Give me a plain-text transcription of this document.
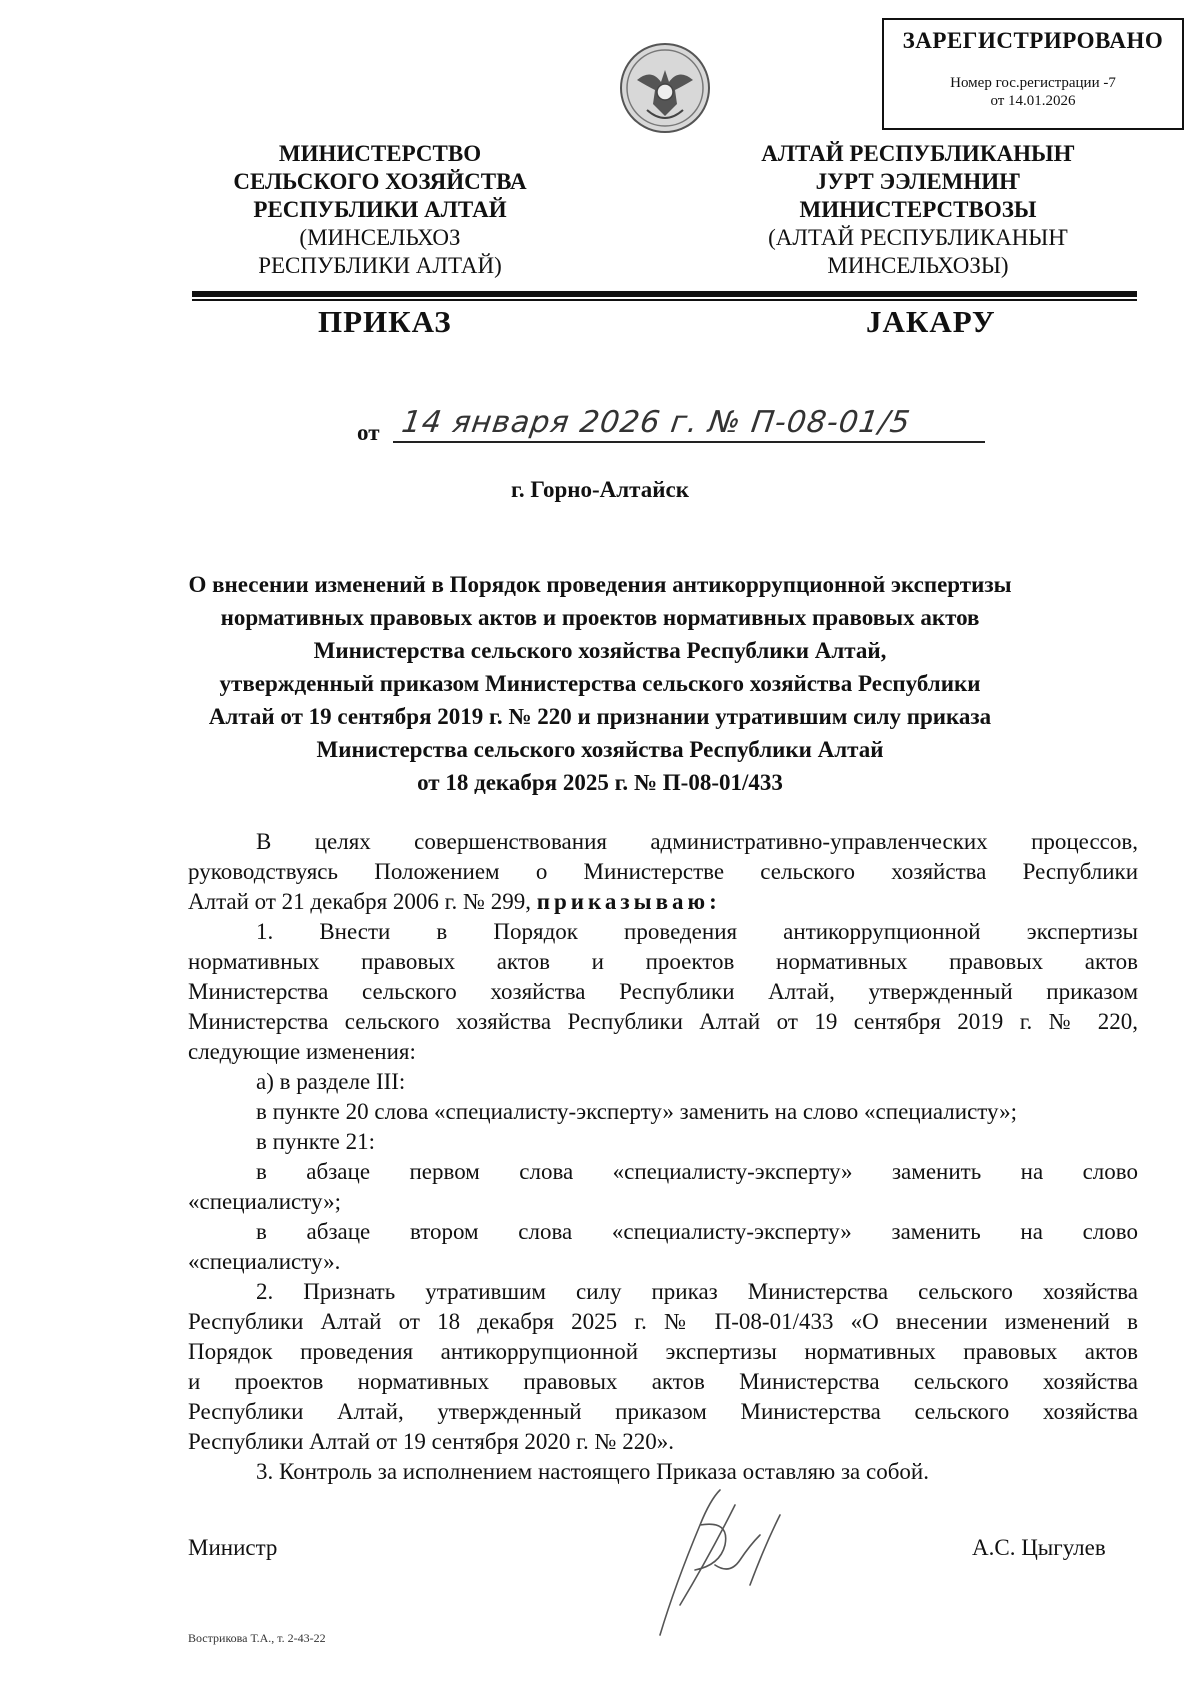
ЗАРЕГИСТРИРОВАНО
Номер гос.регистрации -7
от 14.01.2026
МИНИСТЕРСТВО
СЕЛЬСКОГО ХОЗЯЙСТВА
РЕСПУБЛИКИ АЛТАЙ
(МИНСЕЛЬХОЗ
РЕСПУБЛИКИ АЛТАЙ)
АЛТАЙ РЕСПУБЛИКАНЫҤ
ЈУРТ ЭЭЛЕМНИҤ
МИНИСТЕРСТВОЗЫ
(АЛТАЙ РЕСПУБЛИКАНЫҤ
МИНСЕЛЬХОЗЫ)
ПРИКАЗ	ЈАКАРУ
от 14 января 2026 г. № П-08-01/5
г. Горно-Алтайск
О внесении изменений в Порядок проведения антикоррупционной экспертизы
нормативных правовых актов и проектов нормативных правовых актов
Министерства сельского хозяйства Республики Алтай,
утвержденный приказом Министерства сельского хозяйства Республики
Алтай от 19 сентября 2019 г. № 220 и признании утратившим силу приказа
Министерства сельского хозяйства Республики Алтай
от 18 декабря 2025 г. № П-08-01/433
В целях совершенствования административно-управленческих процессов,
руководствуясь Положением о Министерстве сельского хозяйства Республики
Алтай от 21 декабря 2006 г. № 299, приказываю:
1. Внести в Порядок проведения антикоррупционной экспертизы
нормативных правовых актов и проектов нормативных правовых актов
Министерства сельского хозяйства Республики Алтай, утвержденный приказом
Министерства сельского хозяйства Республики Алтай от 19 сентября 2019 г. № 220,
следующие изменения:
а) в разделе III:
в пункте 20 слова «специалисту-эксперту» заменить на слово «специалисту»;
в пункте 21:
в абзаце первом слова «специалисту-эксперту» заменить на слово
«специалисту»;
в абзаце втором слова «специалисту-эксперту» заменить на слово
«специалисту».
2. Признать утратившим силу приказ Министерства сельского хозяйства
Республики Алтай от 18 декабря 2025 г. № П-08-01/433 «О внесении изменений в
Порядок проведения антикоррупционной экспертизы нормативных правовых актов
и проектов нормативных правовых актов Министерства сельского хозяйства
Республики Алтай, утвержденный приказом Министерства сельского хозяйства
Республики Алтай от 19 сентября 2020 г. № 220».
3. Контроль за исполнением настоящего Приказа оставляю за собой.
Министр	А.С. Цыгулев
Вострикова Т.А., т. 2-43-22
